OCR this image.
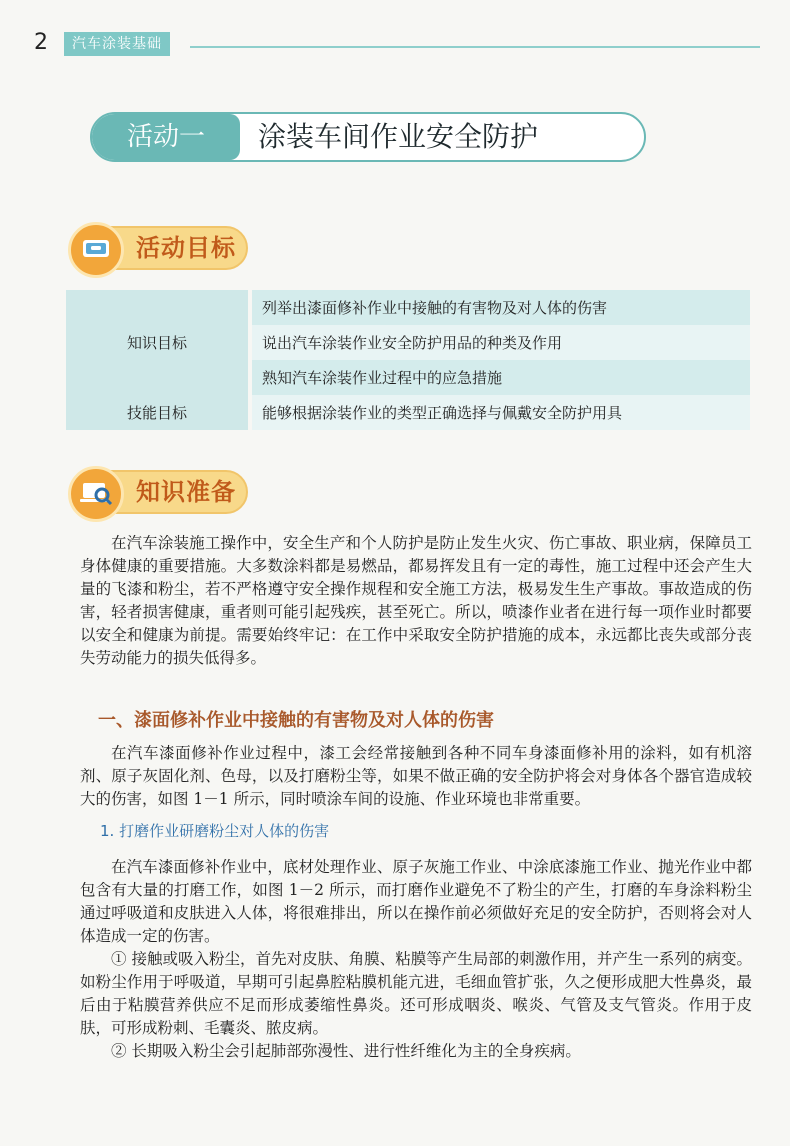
2	汽车涂装基础
活动一	涂装车间作业安全防护
活动目标
知识目标		列举出漆面修补作业中接触的有害物及对人体的伤害
		说出汽车涂装作业安全防护用品的种类及作用
		熟知汽车涂装作业过程中的应急措施
技能目标		能够根据涂装作业的类型正确选择与佩戴安全防护用具
知识准备

在汽车涂装施工操作中，安全生产和个人防护是防止发生火灾、伤亡事故、职业病，保障员工身体健康的重要措施。大多数涂料都是易燃品，都易挥发且有一定的毒性，施工过程中还会产生大量的飞漆和粉尘，若不严格遵守安全操作规程和安全施工方法，极易发生生产事故。事故造成的伤害，轻者损害健康，重者则可能引起残疾，甚至死亡。所以，喷漆作业者在进行每一项作业时都要以安全和健康为前提。需要始终牢记：在工作中采取安全防护措施的成本，永远都比丧失或部分丧失劳动能力的损失低得多。

一、漆面修补作业中接触的有害物及对人体的伤害

在汽车漆面修补作业过程中，漆工会经常接触到各种不同车身漆面修补用的涂料，如有机溶剂、原子灰固化剂、色母，以及打磨粉尘等，如果不做正确的安全防护将会对身体各个器官造成较大的伤害，如图 1－1 所示，同时喷涂车间的设施、作业环境也非常重要。

1. 打磨作业研磨粉尘对人体的伤害

在汽车漆面修补作业中，底材处理作业、原子灰施工作业、中涂底漆施工作业、抛光作业中都包含有大量的打磨工作，如图 1－2 所示，而打磨作业避免不了粉尘的产生，打磨的车身涂料粉尘通过呼吸道和皮肤进入人体，将很难排出，所以在操作前必须做好充足的安全防护，否则将会对人体造成一定的伤害。

① 接触或吸入粉尘，首先对皮肤、角膜、粘膜等产生局部的刺激作用，并产生一系列的病变。如粉尘作用于呼吸道，早期可引起鼻腔粘膜机能亢进，毛细血管扩张，久之便形成肥大性鼻炎，最后由于粘膜营养供应不足而形成萎缩性鼻炎。还可形成咽炎、喉炎、气管及支气管炎。作用于皮肤，可形成粉刺、毛囊炎、脓皮病。

② 长期吸入粉尘会引起肺部弥漫性、进行性纤维化为主的全身疾病。
